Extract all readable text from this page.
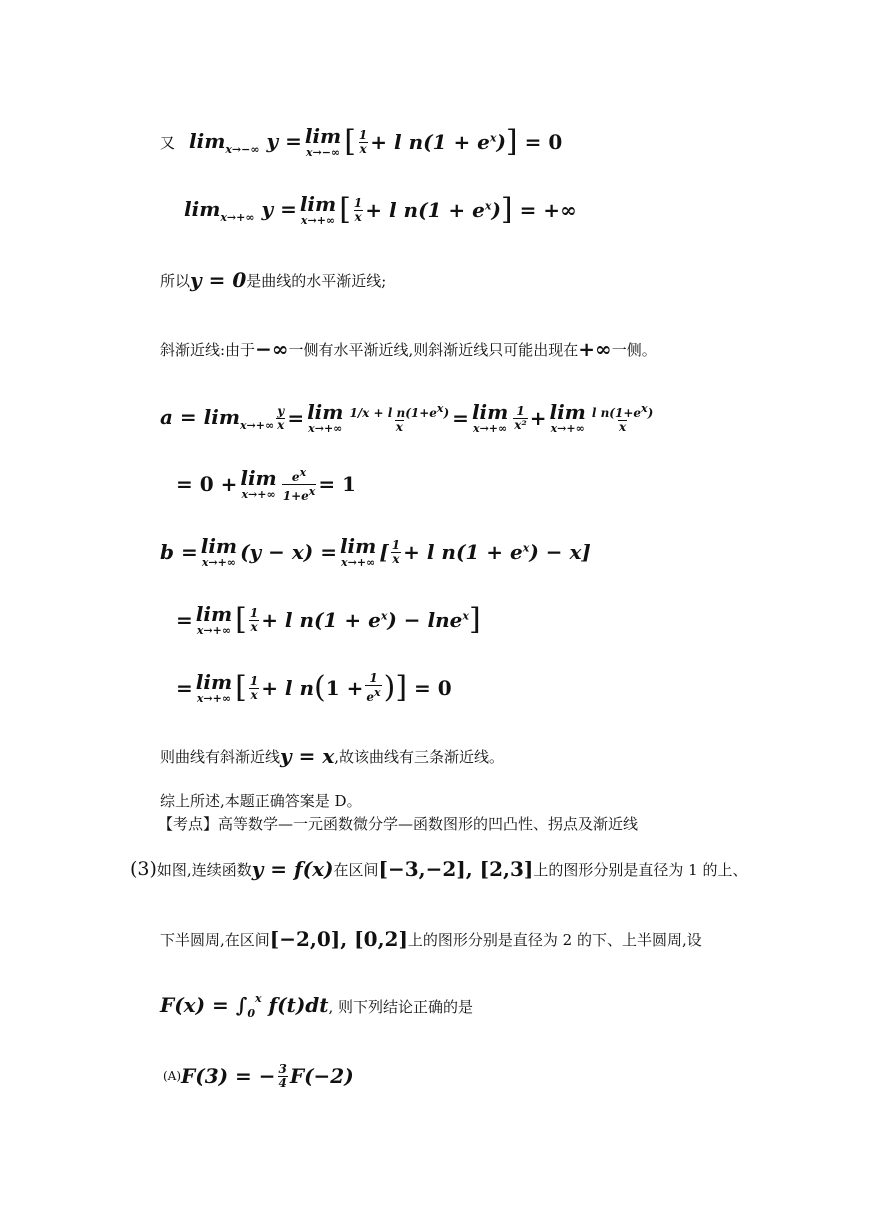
又 $\lim_{x\to-\infty} y = \lim$
x→−∞ [ $\frac{1}{x} + l$ $n(1 + e^x)$ ] = 0
$\lim_{x\to+\infty} y = \lim$
x→+∞ [ $\frac{1}{x} + l$ $n(1 + e^x)$ ] = +∞
所以 y = 0 是曲线的水平渐近线;
斜渐近线:由于 −∞ 一侧有水平渐近线,则斜渐近线只可能出现在 +∞ 一侧。
$a = \lim_{x\to+\infty} \frac{y}{x} = \lim$
$x\to+\infty \frac{1/x + l n(1+e^x)}{x} = \lim$
$x\to+\infty \frac{1}{\text{x²}} + \lim$
$x\to+\infty \frac{l n(1+e^x)}{x}$
= 0 + lim
$x\to+\infty \frac{e^x}{1+e^x} = 1$
b = lim
x→+∞ (y − x) = lim
x→+∞ [ $\frac{1}{x} + l$ $n(1 + e^x) - x$]
= lim
x→+∞ [ $\frac{1}{x} + l$ $n(1 + e^x) - \ln e^x$ ]
= lim
x→+∞ [ $\frac{1}{x} + l$ n ( $1 + \frac{1}{e^x}$ ) ] = 0
则曲线有斜渐近线 y = x ,故该曲线有三条渐近线。
综上所述,本题正确答案是 D。
【考点】高等数学—一元函数微分学—函数图形的凹凸性、拐点及渐近线
(3) 如图,连续函数 y = f(x) 在区间 [−3,−2], [2,3] 上的图形分别是直径为 1 的上、
下半圆周,在区间 [−2,0], [0,2] 上的图形分别是直径为 2 的下、上半圆周,设
$F(x) = \int_0^x$ f(t)dt , 则下列结论正确的是
(A) F(3) = − $\frac{3}{4} F(-2)$
